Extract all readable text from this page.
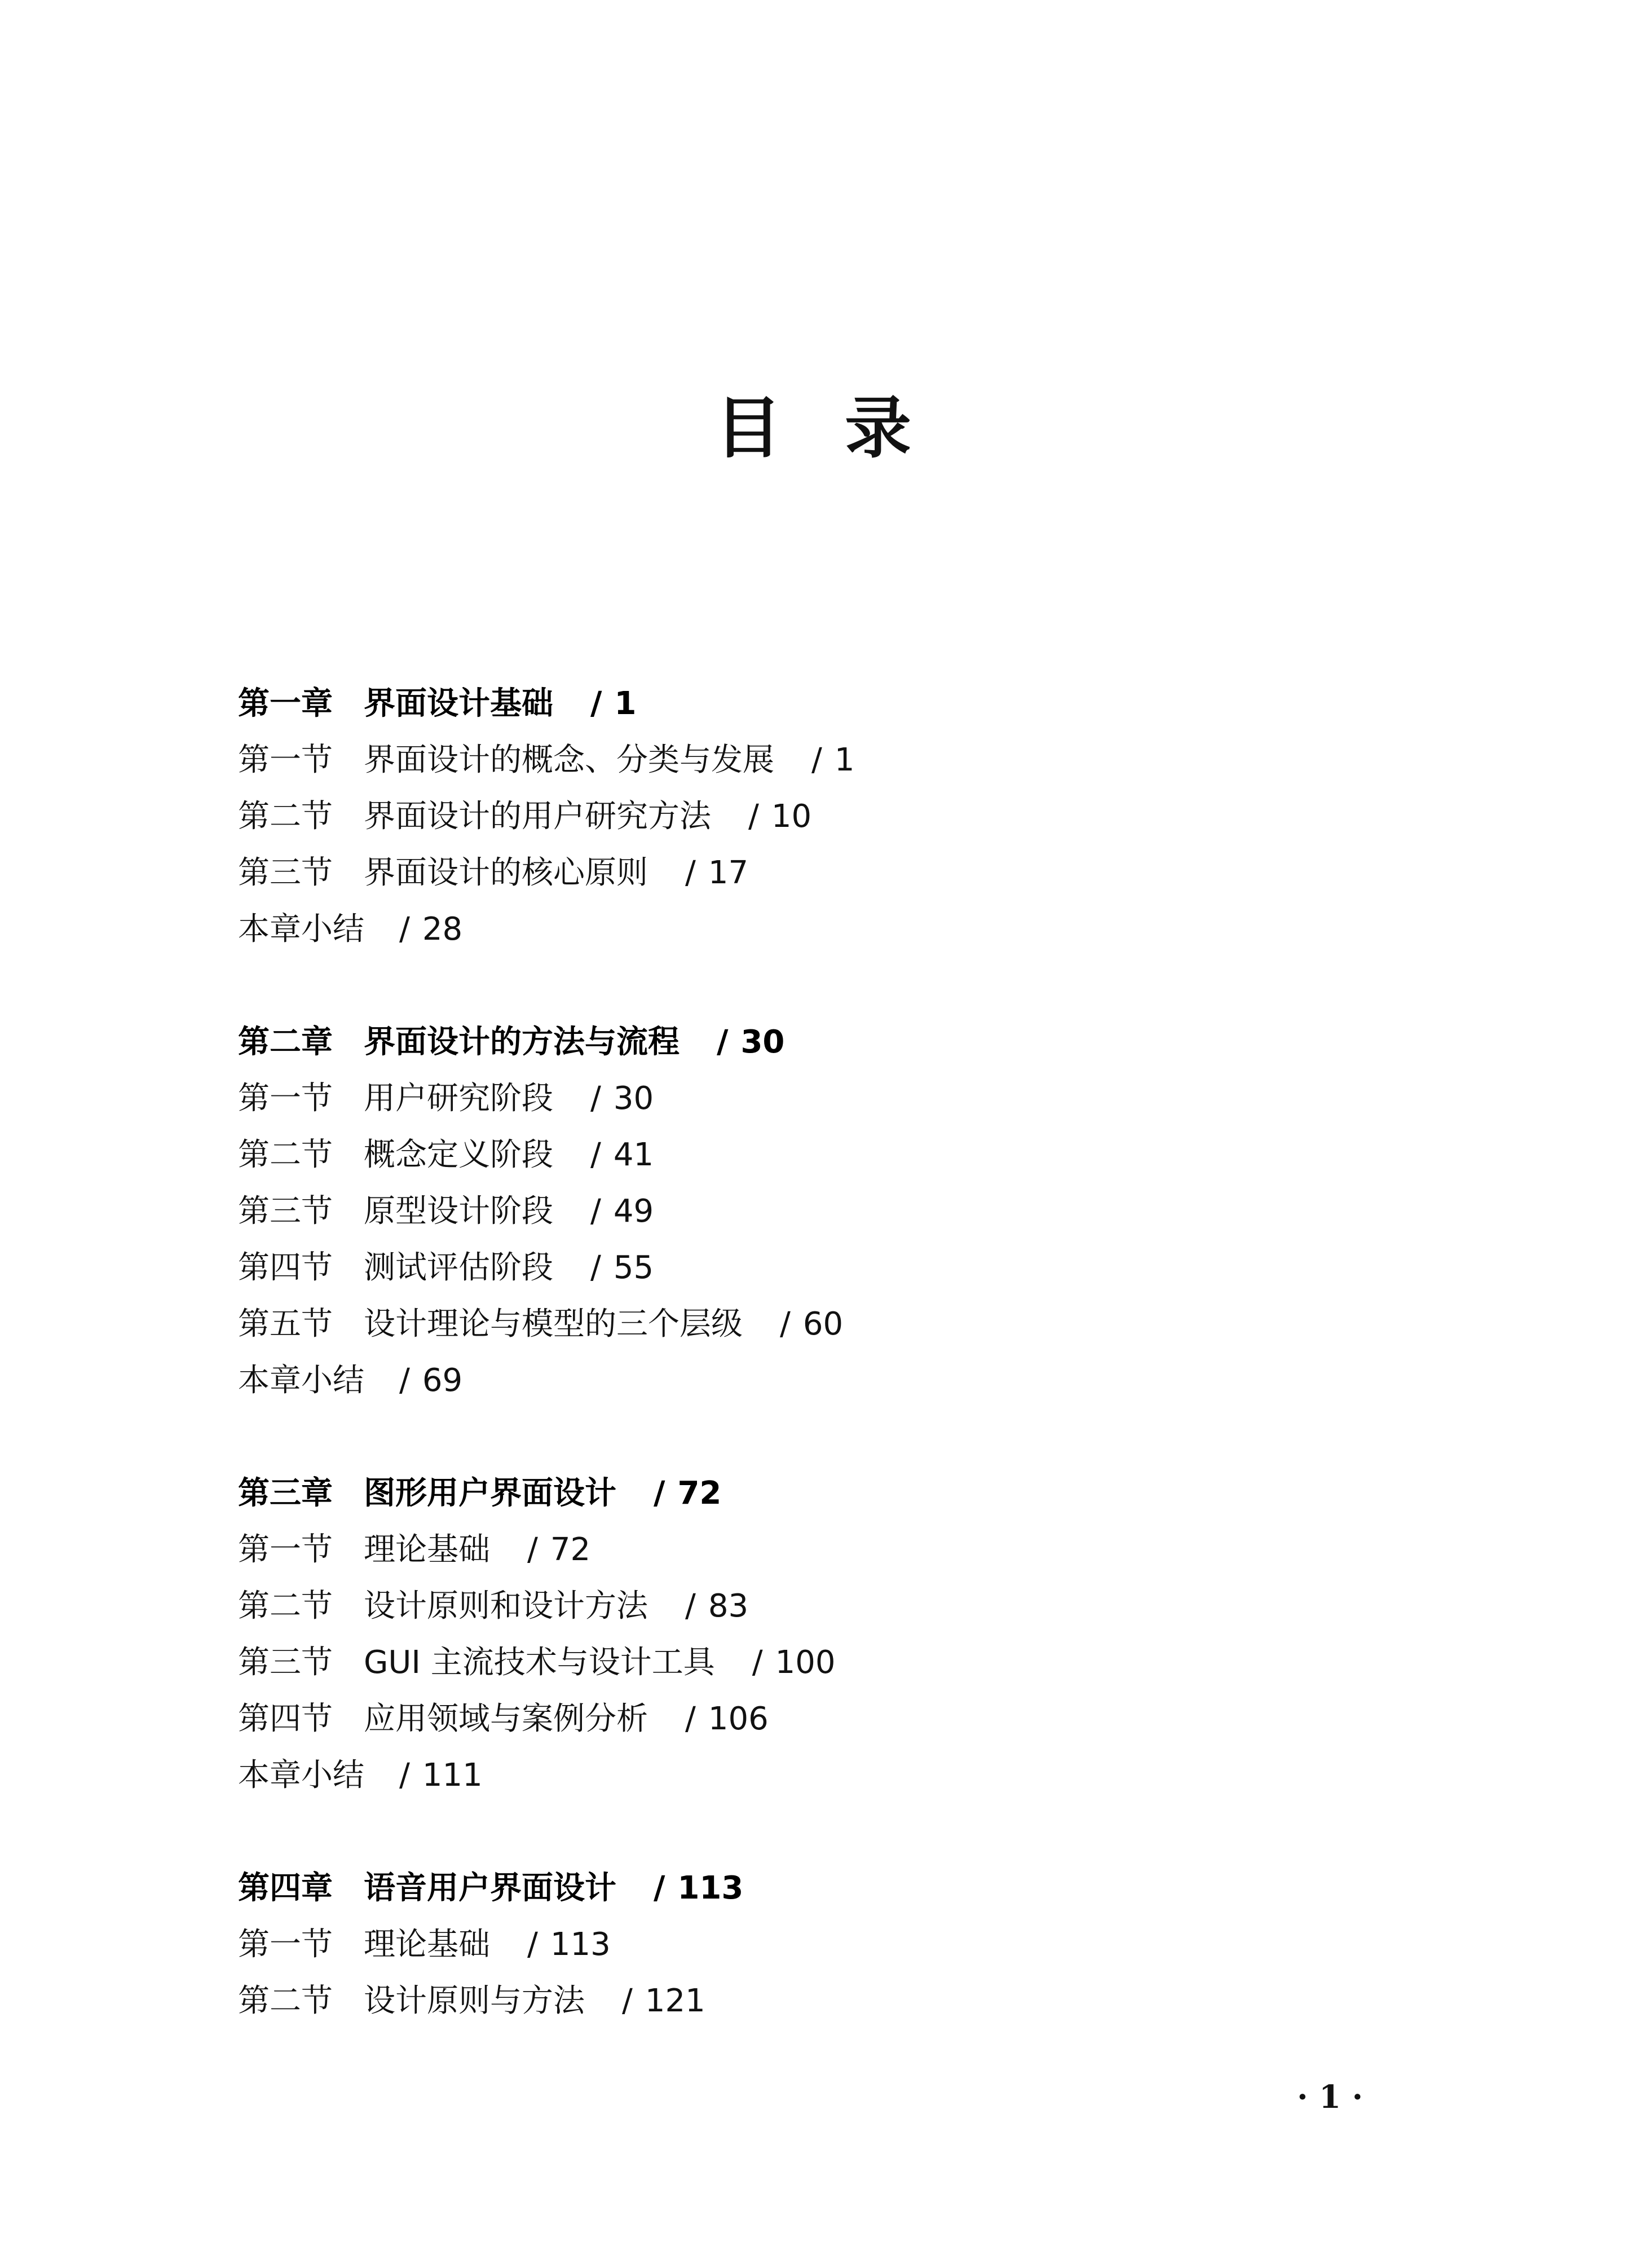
目 录
第一章 界面设计基础 / 1
第一节 界面设计的概念、分类与发展 / 1
第二节 界面设计的用户研究方法 / 10
第三节 界面设计的核心原则 / 17
本章小结	/ 28
第二章 界面设计的方法与流程 / 30
第一节 用户研究阶段 / 30
第二节 概念定义阶段 / 41
第三节 原型设计阶段 / 49
第四节 测试评估阶段 / 55
第五节 设计理论与模型的三个层级 / 60
本章小结	/ 69
第三章 图形用户界面设计 / 72
第一节 理论基础 / 72
第二节 设计原则和设计方法 / 83
第三节 GUI 主流技术与设计工具 / 100
第四节 应用领域与案例分析 / 106
本章小结	/ 111
第四章 语音用户界面设计 / 113
第一节 理论基础 / 113
第二节 设计原则与方法 / 121
· 1 ·
